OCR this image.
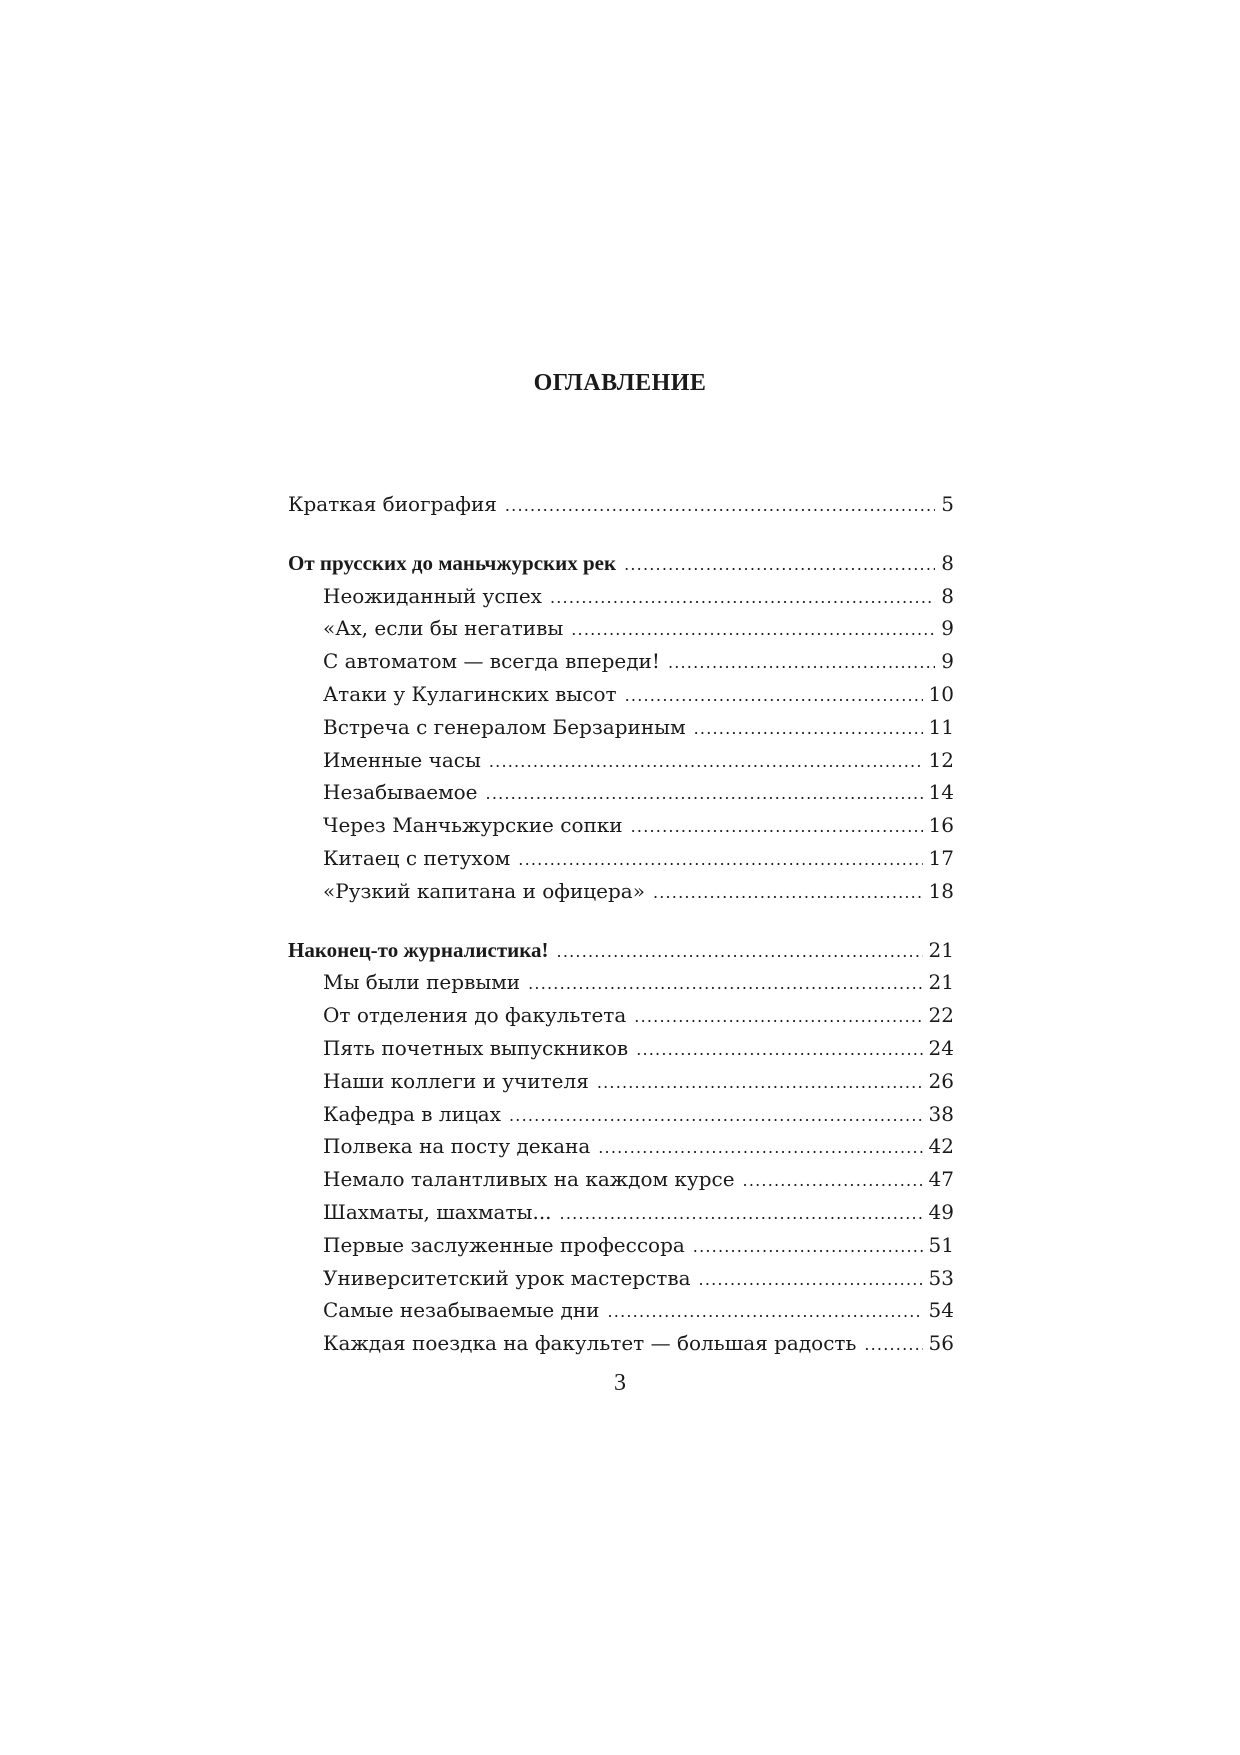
ОГЛАВЛЕНИЕ
Краткая биография .....	5
От прусских до маньчжурских рек .....	8
Неожиданный успех .....	8
«Ах, если бы негативы .....	9
С автоматом — всегда впереди! .....	9
Атаки у Кулагинских высот .....	10
Встреча с генералом Берзариным .....	11
Именные часы .....	12
Незабываемое .....	14
Через Манчьжурские сопки .....	16
Китаец с петухом .....	17
«Рузкий капитана и офицера» .....	18
Наконец-то журналистика! .....	21
Мы были первыми .....	21
От отделения до факультета .....	22
Пять почетных выпускников .....	24
Наши коллеги и учителя .....	26
Кафедра в лицах .....	38
Полвека на посту декана .....	42
Немало талантливых на каждом курсе .....	47
Шахматы, шахматы... .....	49
Первые заслуженные профессора .....	51
Университетский урок мастерства .....	53
Самые незабываемые дни .....	54
Каждая поездка на факультет — большая радость .....	56
3
